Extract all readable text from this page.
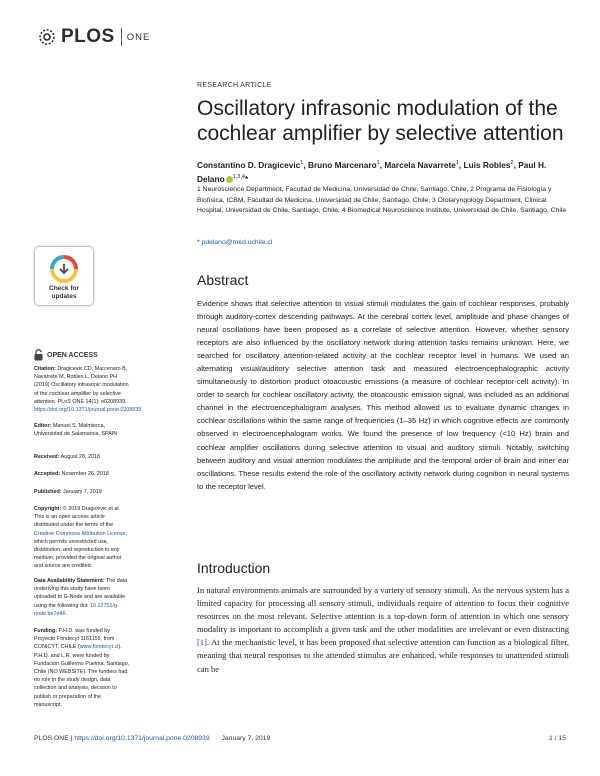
PLOS ONE
RESEARCH ARTICLE
Oscillatory infrasonic modulation of the cochlear amplifier by selective attention
Constantino D. Dragicevic$^1$, Bruno Marcenaro$^1$, Marcela Navarrete$^1$, Luis Robles$^2$, Paul H. Delano $^{1,3,4}$*
1 Neuroscience Department, Facultad de Medicina, Universidad de Chile, Santiago, Chile, 2 Programa de Fisiología y Biofísica, ICBM, Facultad de Medicina, Universidad de Chile, Santiago, Chile, 3 Otolaryngology Department, Clinical Hospital, Universidad de Chile, Santiago, Chile, 4 Biomedical Neuroscience Institute, Universidad de Chile, Santiago, Chile
* pdelano@med.uchile.cl
Check for
updates
OPEN ACCESS
Citation: Dragicevic CD, Marcenaro B, Navarrete M, Robles L, Delano PH (2019) Oscillatory infrasonic modulation of the cochlear amplifier by selective attention. PLoS ONE 14(1): e0208939. https://doi.org/10.1371/journal.pone.0208939
Editor: Manuel S. Malmierca, Universidad de Salamanca, SPAIN
Received: August 28, 2018
Accepted: November 26, 2018
Published: January 7, 2019
Copyright: © 2019 Dragicevic et al. This is an open access article distributed under the terms of the Creative Commons Attribution License, which permits unrestricted use, distribution, and reproduction in any medium, provided the original author and source are credited.
Data Availability Statement: The data underlying this study have been uploaded to G-Node and are available using the following doi: 10.12751/g-node.be7e46.
Funding: P.H.D. was funded by Proyecto Fondecyt 1161155, from CONICYT, CHILE (www.fondecyt.cl). P.H.D. and L.R. were funded by Fundación Guillermo Puelma, Santiago, Chile (NO WEBSITE). The funders had no role in the study design, data collection and analysis, decision to publish or preparation of the manuscript.
Abstract
Evidence shows that selective attention to visual stimuli modulates the gain of cochlear responses, probably through auditory-cortex descending pathways. At the cerebral cortex level, amplitude and phase changes of neural oscillations have been proposed as a correlate of selective attention. However, whether sensory receptors are also influenced by the oscillatory network during attention tasks remains unknown. Here, we searched for oscillatory attention-related activity at the cochlear receptor level in humans. We used an alternating visual/auditory selective attention task and measured electroencephalographic activity simultaneously to distortion product otoacoustic emissions (a measure of cochlear receptor-cell activity). In order to search for cochlear oscillatory activity, the otoacoustic emission signal, was included as an additional channel in the electroencephalogram analyses. This method allowed us to evaluate dynamic changes in cochlear oscillations within the same range of frequencies (1–35 Hz) in which cognitive effects are commonly observed in electroencephalogram works. We found the presence of low frequency (<10 Hz) brain and cochlear amplifier oscillations during selective attention to visual and auditory stimuli. Notably, switching between auditory and visual attention modulates the amplitude and the temporal order of brain and inner ear oscillations. These results extend the role of the oscillatory activity network during cognition in neural systems to the receptor level.
Introduction
In natural environments animals are surrounded by a variety of sensory stimuli. As the nervous system has a limited capacity for processing all sensory stimuli, individuals require of attention to focus their cognitive resources on the most relevant. Selective attention is a top-down form of attention in which one sensory modality is important to accomplish a given task and the other modalities are irrelevant or even distracting [1]. At the mechanistic level, it has been proposed that selective attention can function as a biological filter, meaning that neural responses to the attended stimulus are enhanced, while responses to unattended stimuli can be
PLOS ONE | https://doi.org/10.1371/journal.pone.0208939 January 7, 2019	1 / 15
